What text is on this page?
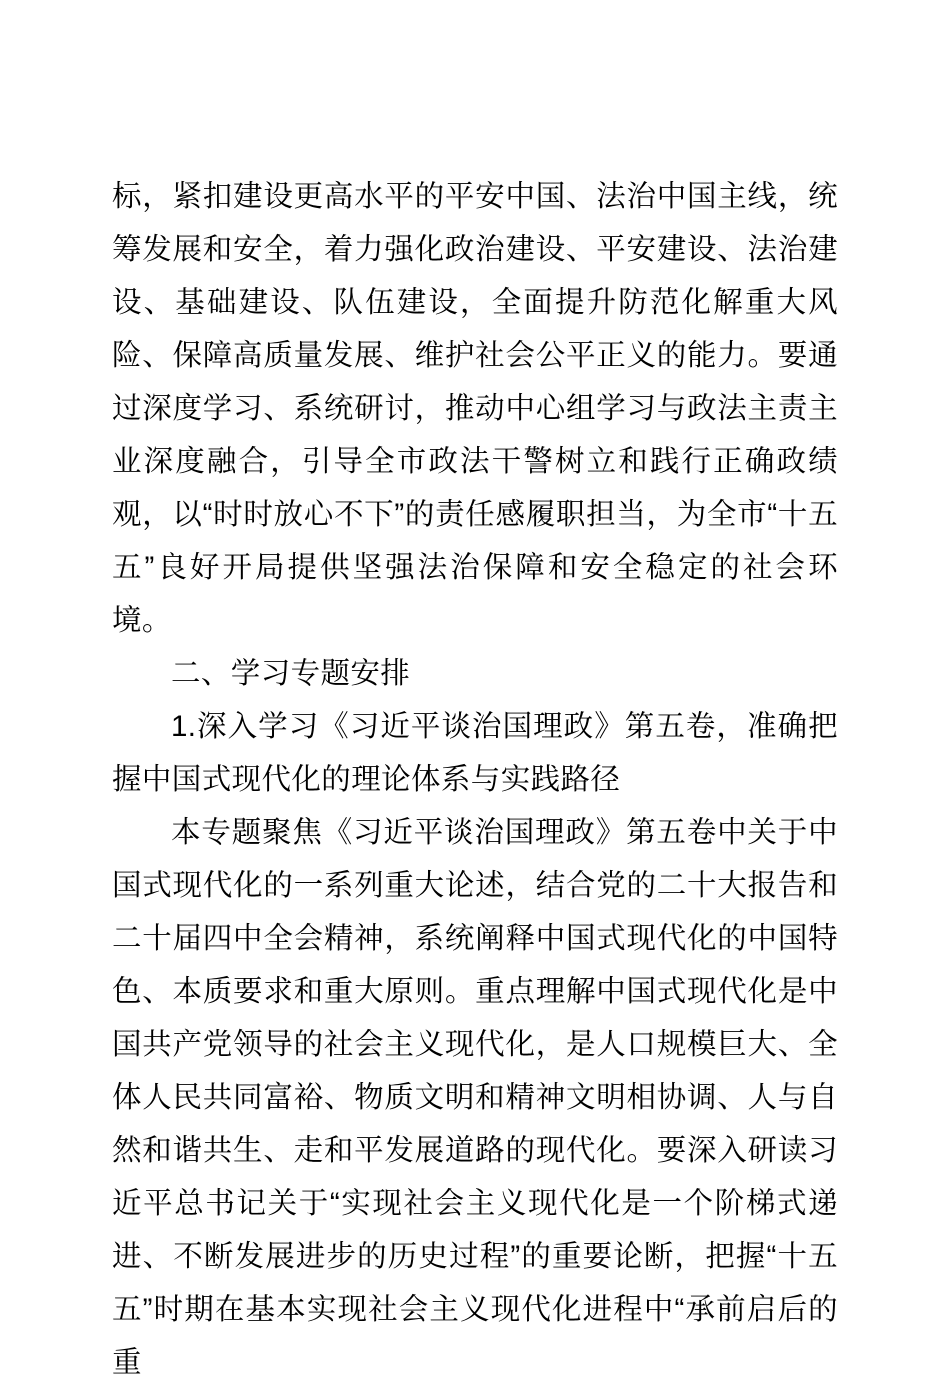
标，紧扣建设更高水平的平安中国、法治中国主线，统筹发展和安全，着力强化政治建设、平安建设、法治建设、基础建设、队伍建设，全面提升防范化解重大风险、保障高质量发展、维护社会公平正义的能力。要通过深度学习、系统研讨，推动中心组学习与政法主责主业深度融合，引导全市政法干警树立和践行正确政绩观，以“时时放心不下”的责任感履职担当，为全市“十五五”良好开局提供坚强法治保障和安全稳定的社会环境。

二、学习专题安排

1.深入学习《习近平谈治国理政》第五卷，准确把握中国式现代化的理论体系与实践路径

本专题聚焦《习近平谈治国理政》第五卷中关于中国式现代化的一系列重大论述，结合党的二十大报告和二十届四中全会精神，系统阐释中国式现代化的中国特色、本质要求和重大原则。重点理解中国式现代化是中国共产党领导的社会主义现代化，是人口规模巨大、全体人民共同富裕、物质文明和精神文明相协调、人与自然和谐共生、走和平发展道路的现代化。要深入研读习近平总书记关于“实现社会主义现代化是一个阶梯式递进、不断发展进步的历史过程”的重要论断，把握“十五五”时期在基本实现社会主义现代化进程中“承前启后的重
